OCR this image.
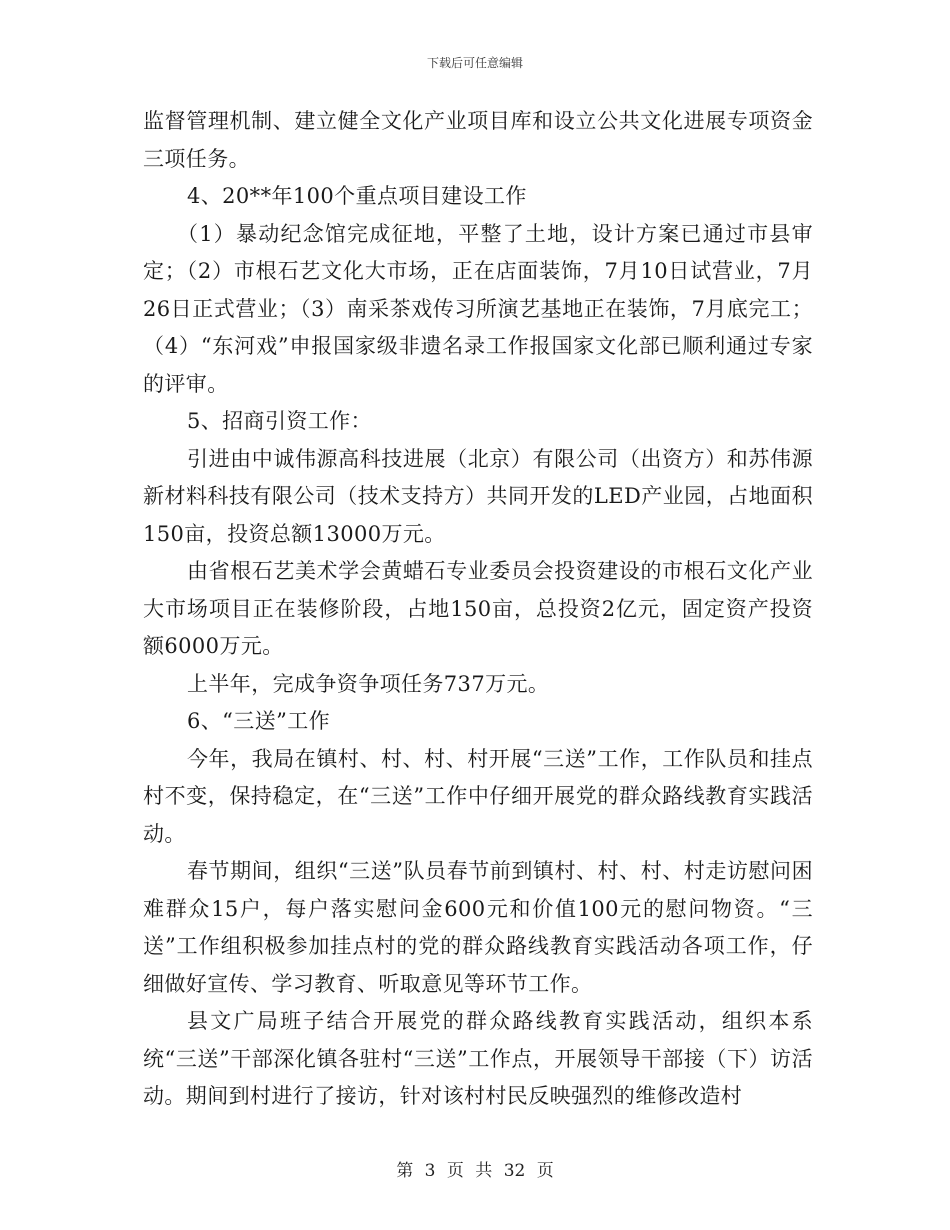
下载后可任意编辑

监督管理机制、建立健全文化产业项目库和设立公共文化进展专项资金三项任务。

4、20**年100个重点项目建设工作

（1）暴动纪念馆完成征地，平整了土地，设计方案已通过市县审定；（2）市根石艺文化大市场，正在店面装饰，7月10日试营业，7月26日正式营业；（3）南采茶戏传习所演艺基地正在装饰，7月底完工；（4）“东河戏”申报国家级非遗名录工作报国家文化部已顺利通过专家的评审。

5、招商引资工作：

引进由中诚伟源高科技进展（北京）有限公司（出资方）和苏伟源新材料科技有限公司（技术支持方）共同开发的LED产业园，占地面积150亩，投资总额13000万元。

由省根石艺美术学会黄蜡石专业委员会投资建设的市根石文化产业大市场项目正在装修阶段，占地150亩，总投资2亿元，固定资产投资额6000万元。

上半年，完成争资争项任务737万元。

6、“三送”工作

今年，我局在镇村、村、村、村开展“三送”工作，工作队员和挂点村不变，保持稳定，在“三送”工作中仔细开展党的群众路线教育实践活动。

春节期间，组织“三送”队员春节前到镇村、村、村、村走访慰问困难群众15户，每户落实慰问金600元和价值100元的慰问物资。“三送”工作组积极参加挂点村的党的群众路线教育实践活动各项工作，仔细做好宣传、学习教育、听取意见等环节工作。

县文广局班子结合开展党的群众路线教育实践活动，组织本系统“三送”干部深化镇各驻村“三送”工作点，开展领导干部接（下）访活动。期间到村进行了接访，针对该村村民反映强烈的维修改造村

第 3 页 共 32 页
